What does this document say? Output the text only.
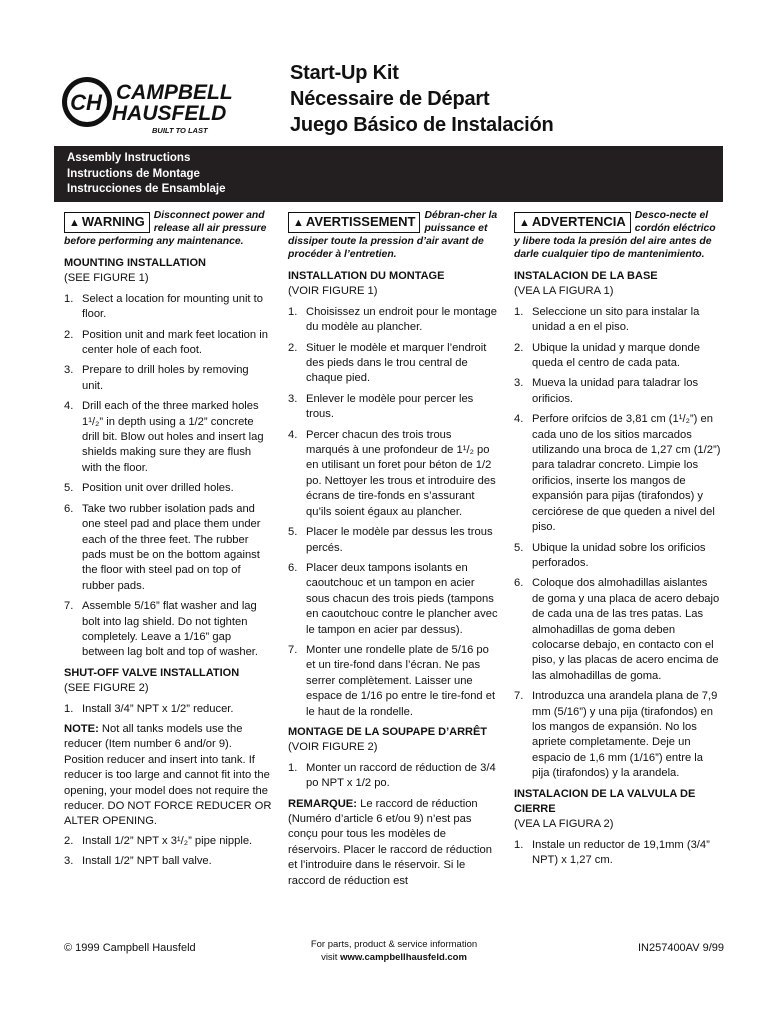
CH CAMPBELL
HAUSFELD
BUILT TO LAST
Start-Up Kit
Nécessaire de Départ
Juego Básico de Instalación
Assembly Instructions
Instructions de Montage
Instrucciones de Ensamblaje
▲ WARNING Disconnect power and release all air pressure before performing any maintenance.
MOUNTING INSTALLATION
(SEE FIGURE 1)
1. Select a location for mounting unit to floor.
2. Position unit and mark feet location in center hole of each foot.
3. Prepare to drill holes by removing unit.
4. Drill each of the three marked holes 1¹/₂” in depth using a 1/2” concrete drill bit. Blow out holes and insert lag shields making sure they are flush with the floor.
5. Position unit over drilled holes.
6. Take two rubber isolation pads and one steel pad and place them under each of the three feet. The rubber pads must be on the bottom against the floor with steel pad on top of rubber pads.
7. Assemble 5/16” flat washer and lag bolt into lag shield. Do not tighten completely. Leave a 1/16” gap between lag bolt and top of washer.
SHUT-OFF VALVE INSTALLATION
(SEE FIGURE 2)
1. Install 3/4” NPT x 1/2” reducer.
NOTE: Not all tanks models use the reducer (Item number 6 and/or 9). Position reducer and insert into tank. If reducer is too large and cannot fit into the opening, your model does not require the reducer. DO NOT FORCE REDUCER OR ALTER OPENING.
2. Install 1/2” NPT x 3¹/₂” pipe nipple.
3. Install 1/2” NPT ball valve.
▲ AVERTISSEMENT Débran-cher la puissance et dissiper toute la pression d’air avant de procéder à l’entretien.
INSTALLATION DU MONTAGE
(VOIR FIGURE 1)
1. Choisissez un endroit pour le montage du modèle au plancher.
2. Situer le modèle et marquer l’endroit des pieds dans le trou central de chaque pied.
3. Enlever le modèle pour percer les trous.
4. Percer chacun des trois trous marqués à une profondeur de 1¹/₂ po en utilisant un foret pour béton de 1/2 po. Nettoyer les trous et introduire des écrans de tire-fonds en s’assurant qu’ils soient égaux au plancher.
5. Placer le modèle par dessus les trous percés.
6. Placer deux tampons isolants en caoutchouc et un tampon en acier sous chacun des trois pieds (tampons en caoutchouc contre le plancher avec le tampon en acier par dessus).
7. Monter une rondelle plate de 5/16 po et un tire-fond dans l’écran. Ne pas serrer complètement. Laisser une espace de 1/16 po entre le tire-fond et le haut de la rondelle.
MONTAGE DE LA SOUPAPE D’ARRÊT
(VOIR FIGURE 2)
1. Monter un raccord de réduction de 3/4 po NPT x 1/2 po.
REMARQUE: Le raccord de réduction (Numéro d’article 6 et/ou 9) n’est pas conçu pour tous les modèles de réservoirs. Placer le raccord de réduction et l’introduire dans le réservoir. Si le raccord de réduction est
▲ ADVERTENCIA Desco-necte el cordón eléctrico y libere toda la presión del aire antes de darle cualquier tipo de mantenimiento.
INSTALACION DE LA BASE
(VEA LA FIGURA 1)
1. Seleccione un sito para instalar la unidad a en el piso.
2. Ubique la unidad y marque donde queda el centro de cada pata.
3. Mueva la unidad para taladrar los orificios.
4. Perfore orifcios de 3,81 cm (1¹/₂”) en cada uno de los sitios marcados utilizando una broca de 1,27 cm (1/2”) para taladrar concreto. Limpie los orificios, inserte los mangos de expansión para pijas (tirafondos) y cerciórese de que queden a nivel del piso.
5. Ubique la unidad sobre los orificios perforados.
6. Coloque dos almohadillas aislantes de goma y una placa de acero debajo de cada una de las tres patas. Las almohadillas de goma deben colocarse debajo, en contacto con el piso, y las placas de acero encima de las almohadillas de goma.
7. Introduzca una arandela plana de 7,9 mm (5/16”) y una pija (tirafondos) en los mangos de expansión. No los apriete completamente. Deje un espacio de 1,6 mm (1/16”) entre la pija (tirafondos) y la arandela.
INSTALACION DE LA VALVULA DE CIERRE
(VEA LA FIGURA 2)
1. Instale un reductor de 19,1mm (3/4” NPT) x 1,27 cm.
© 1999 Campbell Hausfeld	For parts, product & service information
visit www.campbellhausfeld.com
IN257400AV 9/99
